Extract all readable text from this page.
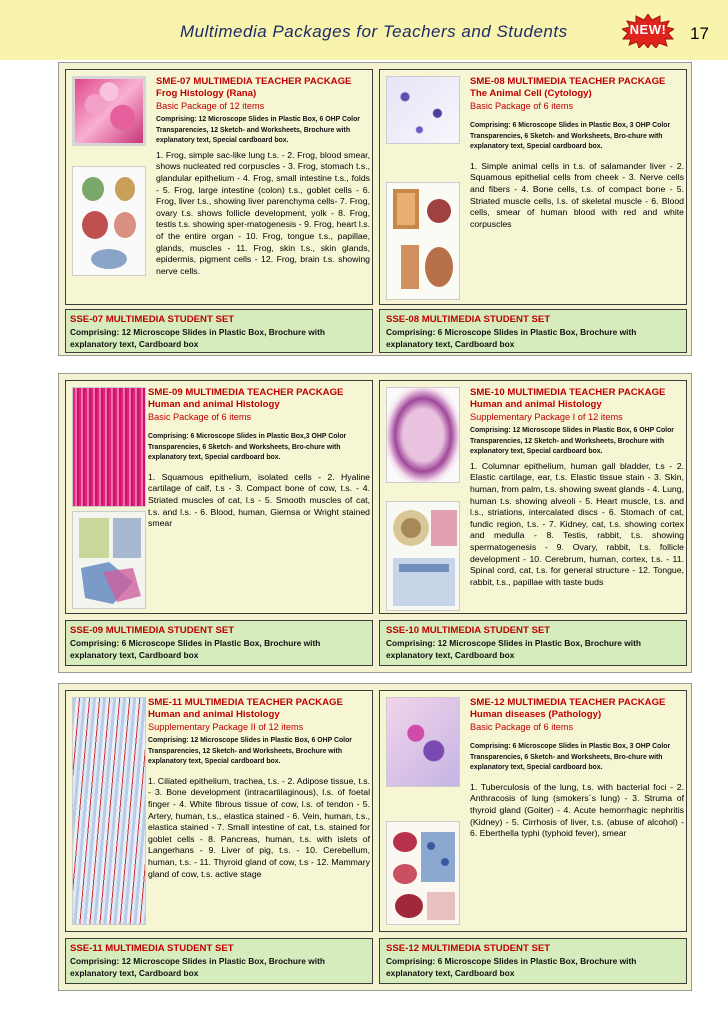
Multimedia Packages for Teachers and Students	NEW!	17
SME-07 MULTIMEDIA TEACHER PACKAGE
Frog Histology (Rana)
Basic Package of 12 items
Comprising: 12 Microscope Slides in Plastic Box, 6 OHP Color Transparencies, 12 Sketch- and Worksheets, Brochure with explanatory text, Special cardboard box.
1. Frog, simple sac-like lung t.s. - 2. Frog, blood smear, shows nucleated red corpuscles - 3. Frog, stomach t.s., glandular epithelium - 4. Frog, small intestine t.s., folds - 5. Frog, large intestine (colon) t.s., goblet cells - 6. Frog, liver t.s., showing liver parenchyma cells- 7. Frog, ovary t.s. shows follicle development, yolk - 8. Frog, testis t.s. showing sper-matogenesis - 9. Frog, heart l.s. of the entire organ - 10. Frog, tongue t.s., papillae, glands, muscles - 11. Frog, skin t.s., skin glands, epidermis, pigment cells - 12. Frog, brain t.s. showing nerve cells.
SME-08 MULTIMEDIA TEACHER PACKAGE
The Animal Cell (Cytology)
Basic Package of 6 items
Comprising: 6 Microscope Slides in Plastic Box, 3 OHP Color Transparencies, 6 Sketch- and Worksheets, Bro-chure with explanatory text, Special cardboard box.
1. Simple animal cells in t.s. of salamander liver - 2. Squamous epithelial cells from cheek - 3. Nerve cells and fibers - 4. Bone cells, t.s. of compact bone - 5. Striated muscle cells, l.s. of skeletal muscle - 6. Blood cells, smear of human blood with red and white corpuscles
SSE-07 MULTIMEDIA STUDENT SET
Comprising: 12 Microscope Slides in Plastic Box, Brochure with explanatory text, Cardboard box
SSE-08 MULTIMEDIA STUDENT SET
Comprising: 6 Microscope Slides in Plastic Box, Brochure with explanatory text, Cardboard box
SME-09 MULTIMEDIA TEACHER PACKAGE
Human and animal Histology
Basic Package of 6 items
Comprising: 6 Microscope Slides in Plastic Box,3 OHP Color Transparencies, 6 Sketch- and Worksheets, Bro-chure with explanatory text, Special cardboard box.
1. Squamous epithelium, isolated cells - 2. Hyaline cartilage of calf, t.s - 3. Compact bone of cow, t.s. - 4. Striated muscles of cat, l.s - 5. Smooth muscles of cat, t.s. and l.s. - 6. Blood, human, Giemsa or Wright stained smear
SME-10 MULTIMEDIA TEACHER PACKAGE
Human and animal Histology
Supplementary Package I of 12 items
Comprising: 12 Microscope Slides in Plastic Box, 6 OHP Color Transparencies, 12 Sketch- and Worksheets, Brochure with explanatory text, Special cardboard box.
1. Columnar epithelium, human gall bladder, t.s - 2. Elastic cartilage, ear, t.s. Elastic tissue stain - 3. Skin, human, from palm, t.s. showing sweat glands - 4. Lung, human t.s. showing alveoli - 5. Heart muscle, t.s. and l.s., striations, intercalated discs - 6. Stomach of cat, fundic region, t.s. - 7. Kidney, cat, t.s. showing cortex and medulla - 8. Testis, rabbit, t.s. showing spermatogenesis - 9. Ovary, rabbit, t.s. follicle development - 10. Cerebrum, human, cortex, t.s. - 11. Spinal cord, cat, t.s. for general structure - 12. Tongue, rabbit, t.s., papillae with taste buds
SSE-09 MULTIMEDIA STUDENT SET
Comprising: 6 Microscope Slides in Plastic Box, Brochure with explanatory text, Cardboard box
SSE-10 MULTIMEDIA STUDENT SET
Comprising: 12 Microscope Slides in Plastic Box, Brochure with explanatory text, Cardboard box
SME-11 MULTIMEDIA TEACHER PACKAGE
Human and animal Histology
Supplementary Package II of 12 items
Comprising: 12 Microscope Slides in Plastic Box, 6 OHP Color Transparencies, 12 Sketch- and Worksheets, Brochure with explanatory text, Special cardboard box.
1. Ciliated epithelium, trachea, t.s. - 2. Adipose tissue, t.s. - 3. Bone development (intracartilaginous), l.s. of foetal finger - 4. White fibrous tissue of cow, l.s. of tendon - 5. Artery, human, t.s., elastica stained - 6. Vein, human, t.s., elastica stained - 7. Small intestine of cat, t.s. stained for goblet cells - 8. Pancreas, human, t.s. with islets of Langerhans - 9. Liver of pig, t.s. - 10. Cerebellum, human, t.s. - 11. Thyroid gland of cow, t.s - 12. Mammary gland of cow, t.s. active stage
SME-12 MULTIMEDIA TEACHER PACKAGE
Human diseases (Pathology)
Basic Package of 6 items
Comprising: 6 Microscope Slides in Plastic Box, 3 OHP Color Transparencies, 6 Sketch- and Worksheets, Bro-chure with explanatory text, Special cardboard box.
1. Tuberculosis of the lung, t.s. with bacterial foci - 2. Anthracosis of lung (smokers´s lung) - 3. Struma of thyroid gland (Goiter) - 4. Acute hemorrhagic nephritis (Kidney) - 5. Cirrhosis of liver, t.s. (abuse of alcohol) - 6. Eberthella typhi (typhoid fever), smear
SSE-11 MULTIMEDIA STUDENT SET
Comprising: 12 Microscope Slides in Plastic Box, Brochure with explanatory text, Cardboard box
SSE-12 MULTIMEDIA STUDENT SET
Comprising: 6 Microscope Slides in Plastic Box, Brochure with explanatory text, Cardboard box
